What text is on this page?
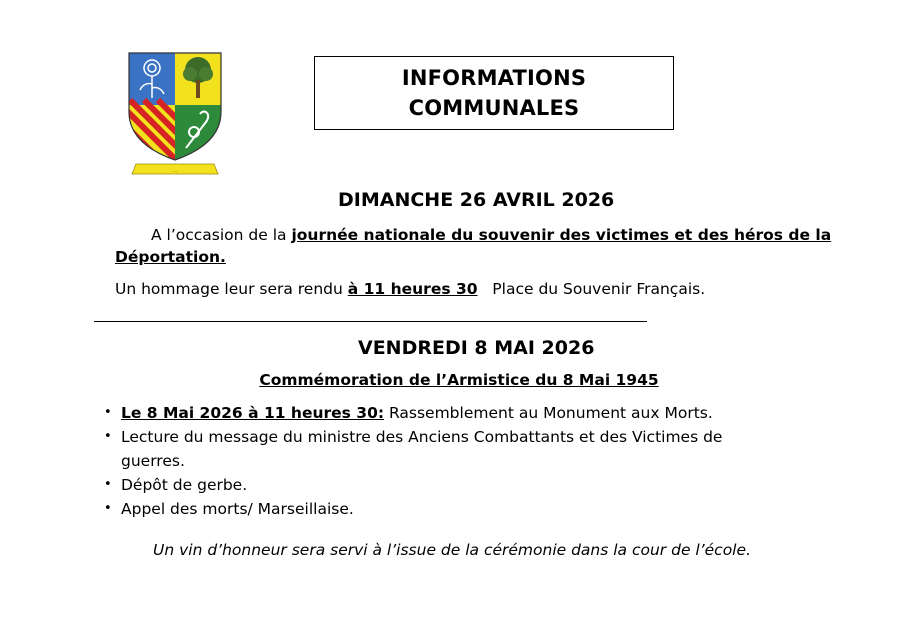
…
INFORMATIONS
COMMUNALES
DIMANCHE 26 AVRIL 2026
A l’occasion de la journée nationale du souvenir des victimes et des héros de la
Déportation.
Un hommage leur sera rendu à 11 heures 30   Place du Souvenir Français.
VENDREDI 8 MAI 2026
Commémoration de l’Armistice du 8 Mai 1945
• Le 8 Mai 2026 à 11 heures 30: Rassemblement au Monument aux Morts.
• Lecture du message du ministre des Anciens Combattants et des Victimes de
guerres.
• Dépôt de gerbe.
• Appel des morts/ Marseillaise.
Un vin d’honneur sera servi à l’issue de la cérémonie dans la cour de l’école.
